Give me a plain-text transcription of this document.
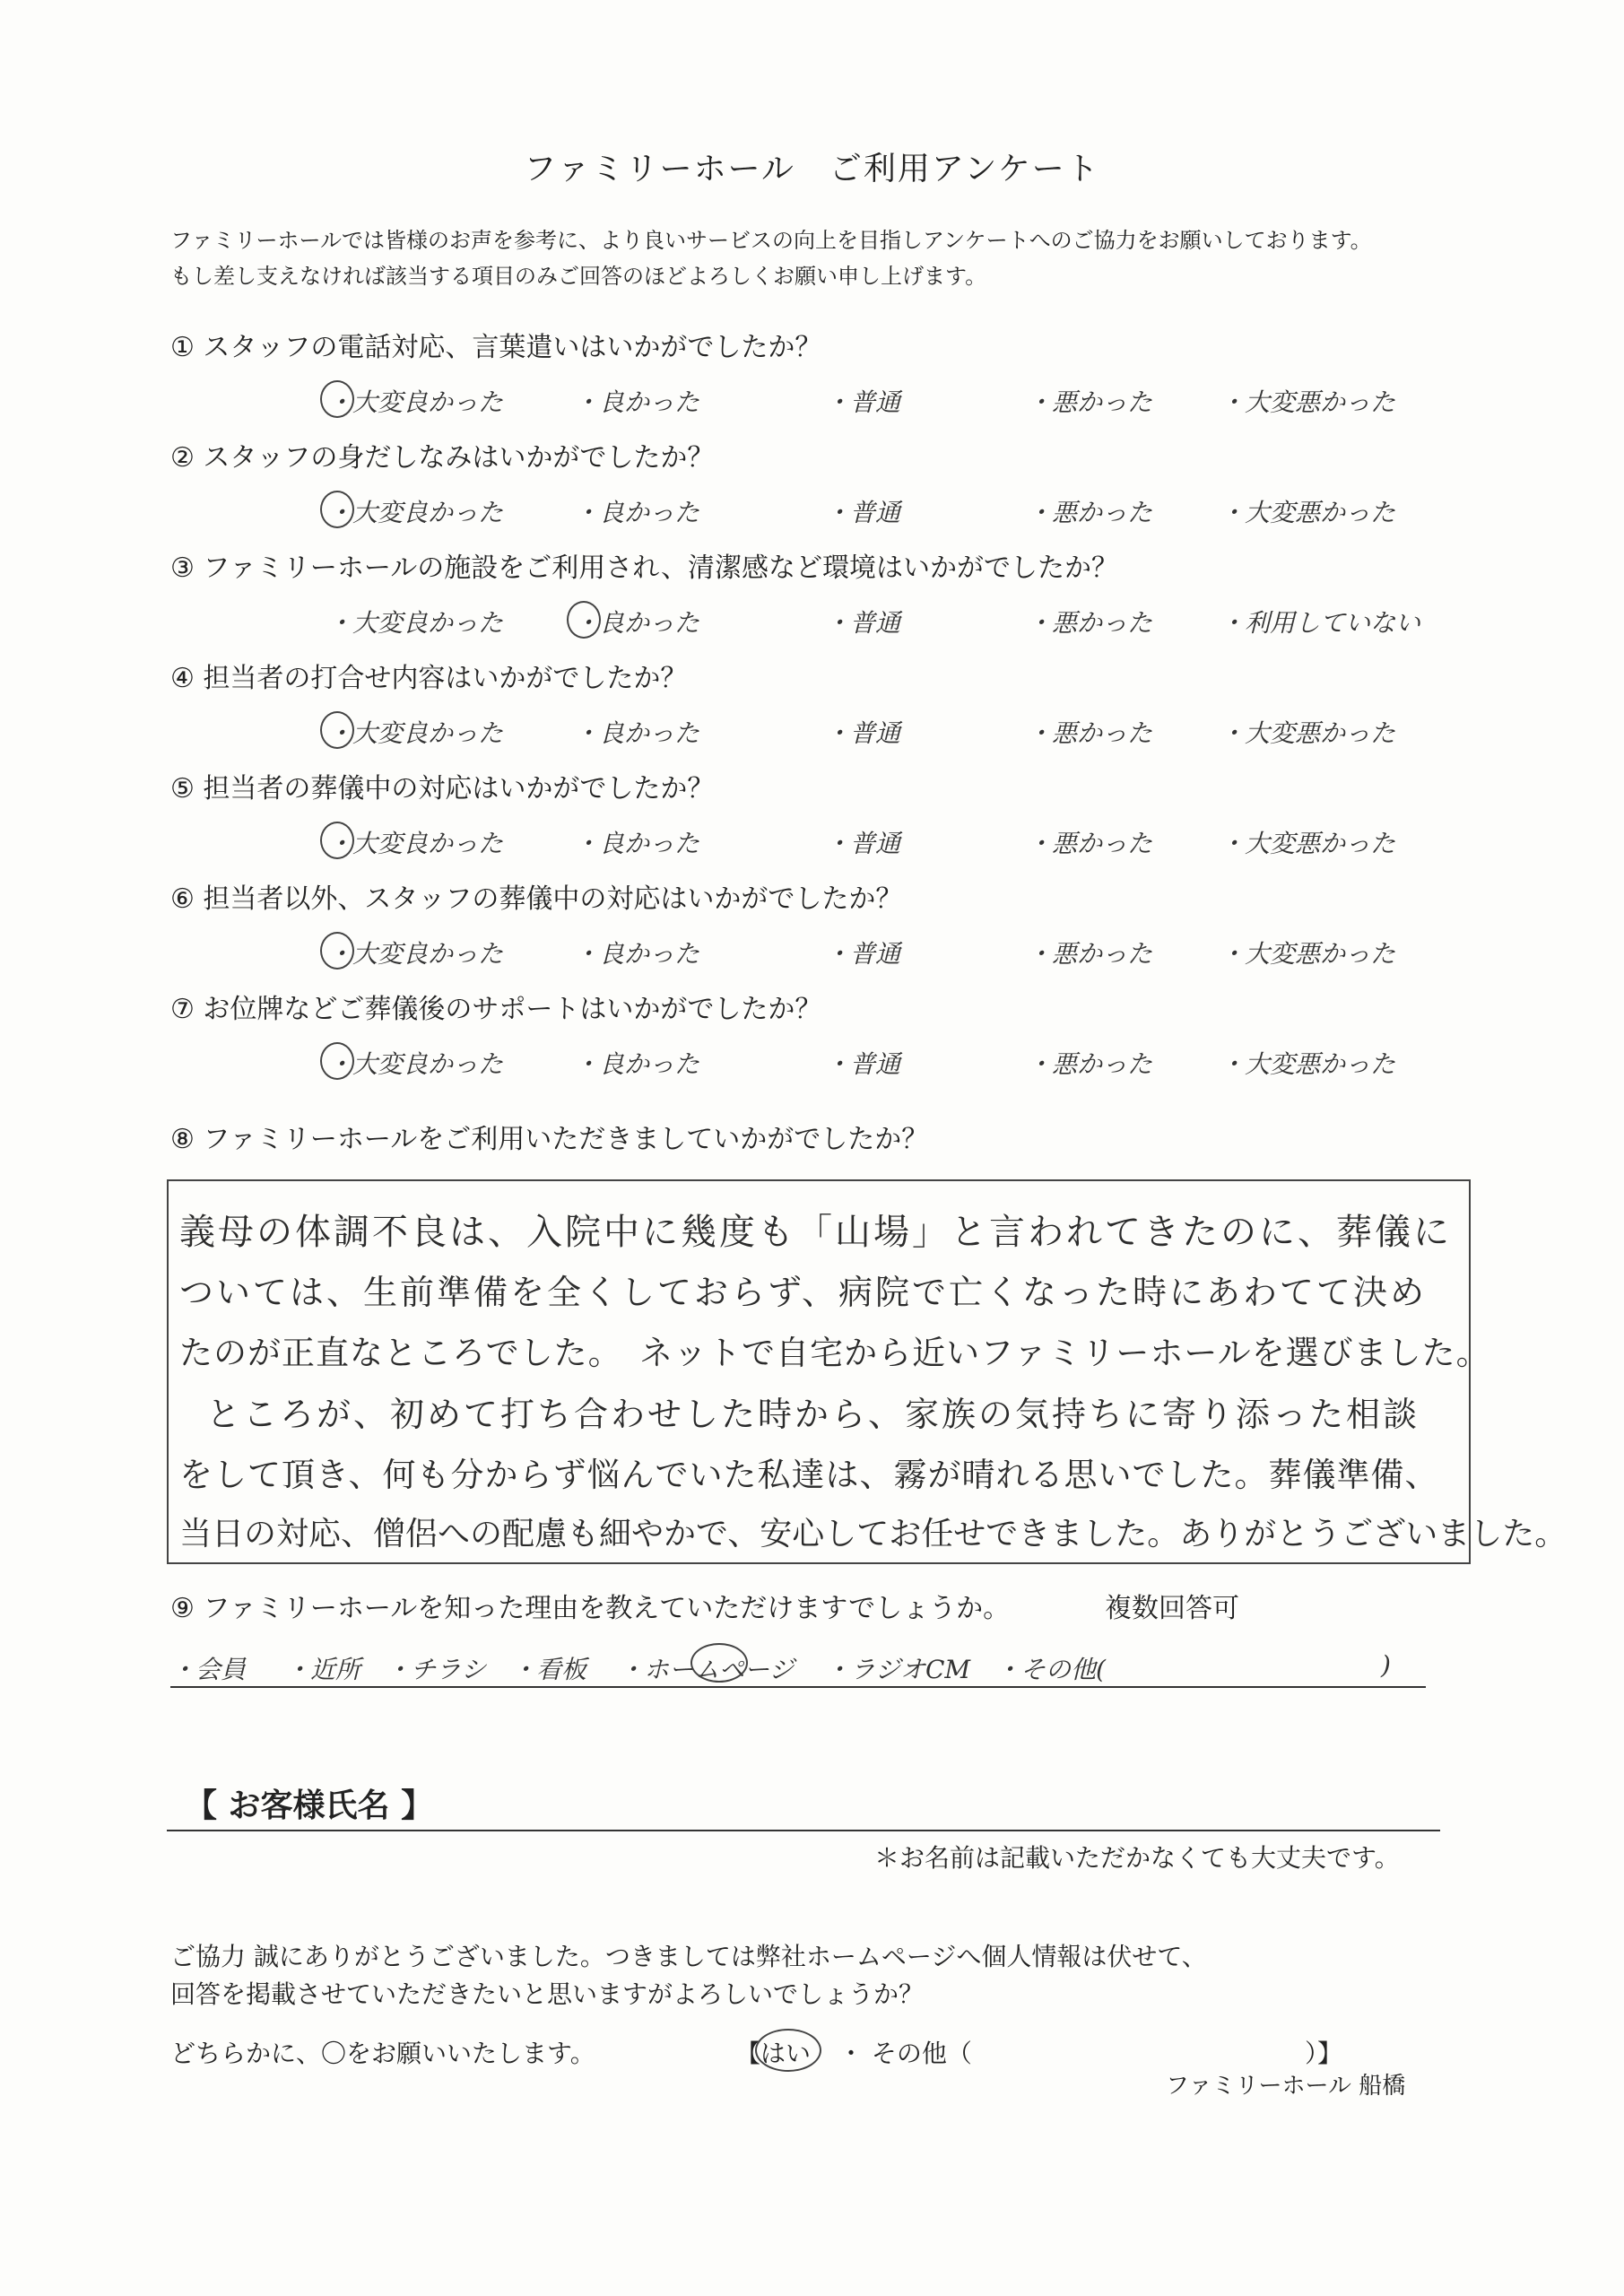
ファミリーホール　ご利用アンケート
ファミリーホールでは皆様のお声を参考に、より良いサービスの向上を目指しアンケートへのご協力をお願いしております。
もし差し支えなければ該当する項目のみご回答のほどよろしくお願い申し上げます。
① スタッフの電話対応、言葉遣いはいかがでしたか？
・大変良かった	・良かった	・普通	・悪かった	・大変悪かった
② スタッフの身だしなみはいかがでしたか？
・大変良かった	・良かった	・普通	・悪かった	・大変悪かった
③ ファミリーホールの施設をご利用され、清潔感など環境はいかがでしたか？
・大変良かった	・良かった	・普通	・悪かった	・利用していない
④ 担当者の打合せ内容はいかがでしたか？
・大変良かった	・良かった	・普通	・悪かった	・大変悪かった
⑤ 担当者の葬儀中の対応はいかがでしたか？
・大変良かった	・良かった	・普通	・悪かった	・大変悪かった
⑥ 担当者以外、スタッフの葬儀中の対応はいかがでしたか？
・大変良かった	・良かった	・普通	・悪かった	・大変悪かった
⑦ お位牌などご葬儀後のサポートはいかがでしたか？
・大変良かった	・良かった	・普通	・悪かった	・大変悪かった
⑧ ファミリーホールをご利用いただきましていかがでしたか？
義母の体調不良は、入院中に幾度も「山場」と言われてきたのに、葬儀に
ついては、生前準備を全くしておらず、病院で亡くなった時にあわてて決め
たのが正直なところでした。　ネットで自宅から近いファミリーホールを選びました。
ところが、初めて打ち合わせした時から、家族の気持ちに寄り添った相談
をして頂き、何も分からず悩んでいた私達は、霧が晴れる思いでした。葬儀準備、
当日の対応、僧侶への配慮も細やかで、安心してお任せできました。ありがとうございました。
⑨ ファミリーホールを知った理由を教えていただけますでしょうか。	複数回答可
・会員 ・近所 ・チラシ ・看板 ・ホームページ ・ラジオCM ・その他(	)
【 お客様氏名 】
＊お名前は記載いただかなくても大丈夫です。
ご協力 誠にありがとうございました。つきましては弊社ホームページへ個人情報は伏せて、
回答を掲載させていただきたいと思いますがよろしいでしょうか？
どちらかに、〇をお願いいたします。	【 はい ・ その他（	）】
ファミリーホール 船橋
